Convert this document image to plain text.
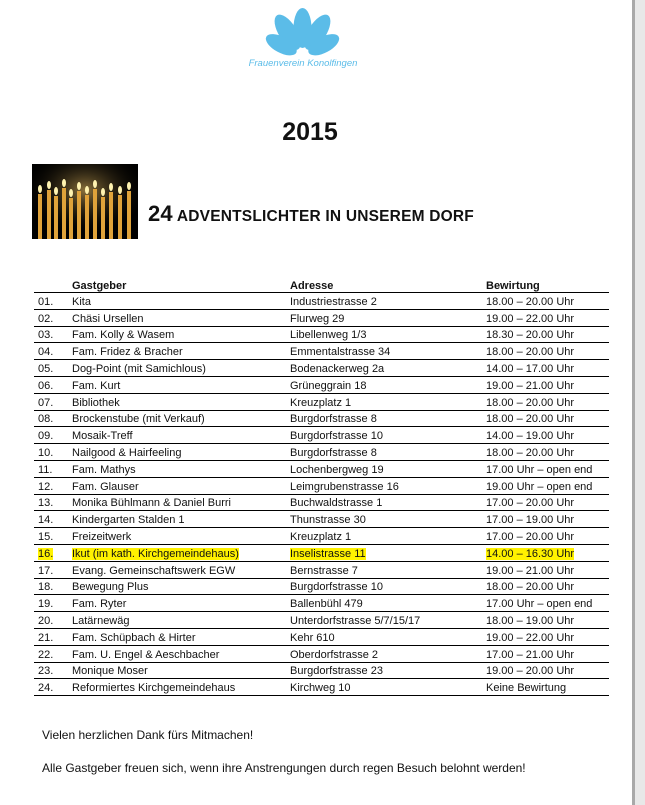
Frauenverein Konolfingen
2015
24 ADVENTSLICHTER IN UNSEREM DORF
	Gastgeber	Adresse	Bewirtung
01.	Kita	Industriestrasse 2	18.00 – 20.00 Uhr
02.	Chäsi Ursellen	Flurweg 29	19.00 – 22.00 Uhr
03.	Fam. Kolly & Wasem	Libellenweg 1/3	18.30 – 20.00 Uhr
04.	Fam. Fridez & Bracher	Emmentalstrasse 34	18.00 – 20.00 Uhr
05.	Dog-Point (mit Samichlous)	Bodenackerweg 2a	14.00 – 17.00 Uhr
06.	Fam. Kurt	Grüneggrain 18	19.00 – 21.00 Uhr
07.	Bibliothek	Kreuzplatz 1	18.00 – 20.00 Uhr
08.	Brockenstube (mit Verkauf)	Burgdorfstrasse 8	18.00 – 20.00 Uhr
09.	Mosaik-Treff	Burgdorfstrasse 10	14.00 – 19.00 Uhr
10.	Nailgood & Hairfeeling	Burgdorfstrasse 8	18.00 – 20.00 Uhr
11.	Fam. Mathys	Lochenbergweg 19	17.00 Uhr – open end
12.	Fam. Glauser	Leimgrubenstrasse 16	19.00 Uhr – open end
13.	Monika Bühlmann & Daniel Burri	Buchwaldstrasse 1	17.00 – 20.00 Uhr
14.	Kindergarten Stalden 1	Thunstrasse 30	17.00 – 19.00 Uhr
15.	Freizeitwerk	Kreuzplatz 1	17.00 – 20.00 Uhr
16.	Ikut (im kath. Kirchgemeindehaus)	Inselistrasse 11	14.00 – 16.30 Uhr
17.	Evang. Gemeinschaftswerk EGW	Bernstrasse 7	19.00 – 21.00 Uhr
18.	Bewegung Plus	Burgdorfstrasse 10	18.00 – 20.00 Uhr
19.	Fam. Ryter	Ballenbühl 479	17.00 Uhr – open end
20.	Latärnewäg	Unterdorfstrasse 5/7/15/17	18.00 – 19.00 Uhr
21.	Fam. Schüpbach & Hirter	Kehr 610	19.00 – 22.00 Uhr
22.	Fam. U. Engel & Aeschbacher	Oberdorfstrasse 2	17.00 – 21.00 Uhr
23.	Monique Moser	Burgdorfstrasse 23	19.00 – 20.00 Uhr
24.	Reformiertes Kirchgemeindehaus	Kirchweg 10	Keine Bewirtung
Vielen herzlichen Dank fürs Mitmachen!
Alle Gastgeber freuen sich, wenn ihre Anstrengungen durch regen Besuch belohnt werden!
